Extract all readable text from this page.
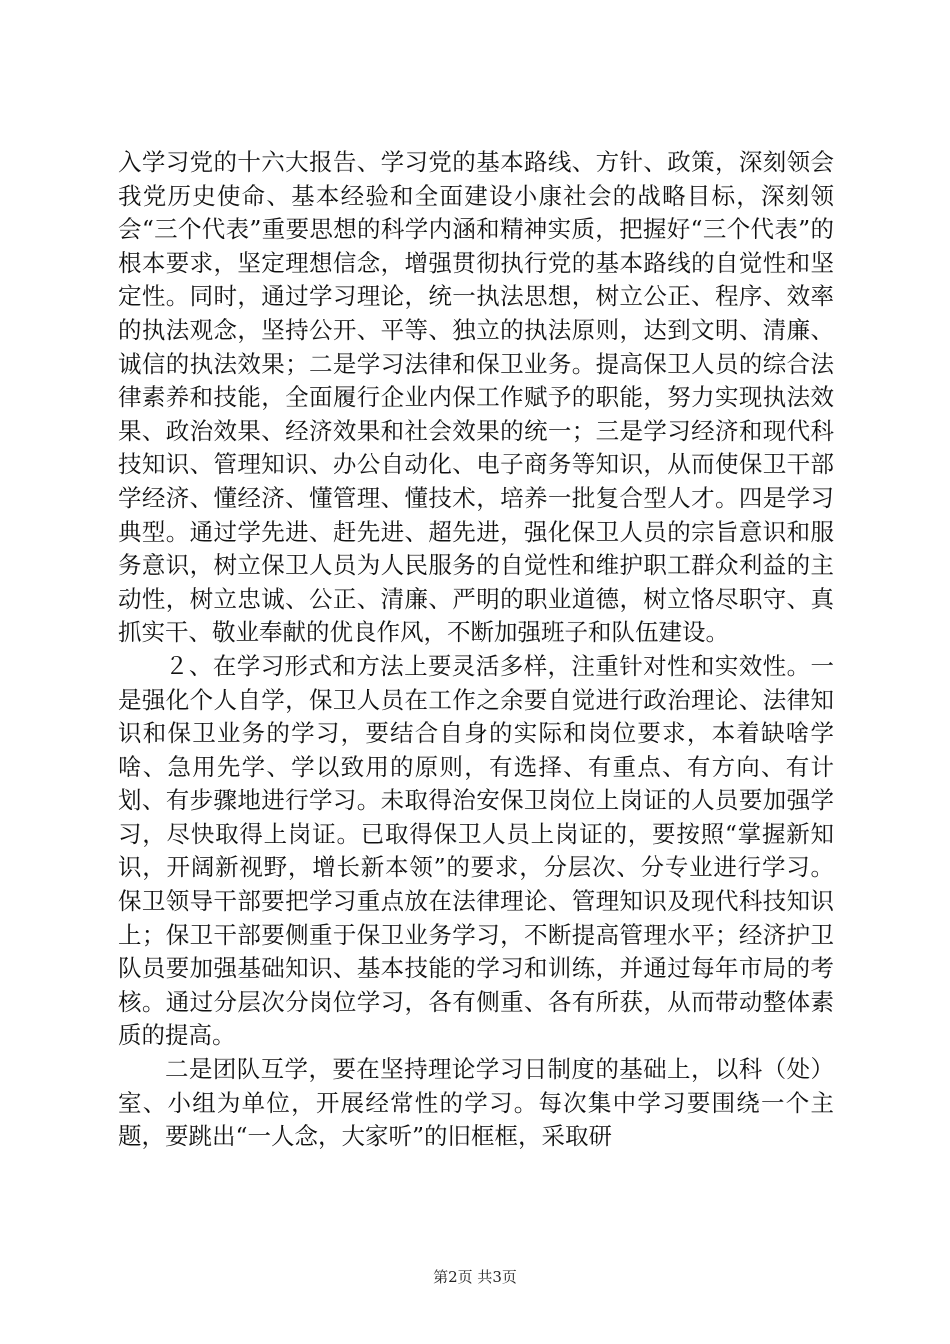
入学习党的十六大报告、学习党的基本路线、方针、政策，深刻领会我党历史使命、基本经验和全面建设小康社会的战略目标，深刻领会“三个代表”重要思想的科学内涵和精神实质，把握好“三个代表”的根本要求，坚定理想信念，增强贯彻执行党的基本路线的自觉性和坚定性。同时，通过学习理论，统一执法思想，树立公正、程序、效率的执法观念，坚持公开、平等、独立的执法原则，达到文明、清廉、诚信的执法效果；二是学习法律和保卫业务。提高保卫人员的综合法律素养和技能，全面履行企业内保工作赋予的职能，努力实现执法效果、政治效果、经济效果和社会效果的统一；三是学习经济和现代科技知识、管理知识、办公自动化、电子商务等知识，从而使保卫干部学经济、懂经济、懂管理、懂技术，培养一批复合型人才。四是学习典型。通过学先进、赶先进、超先进，强化保卫人员的宗旨意识和服务意识，树立保卫人员为人民服务的自觉性和维护职工群众利益的主动性，树立忠诚、公正、清廉、严明的职业道德，树立恪尽职守、真抓实干、敬业奉献的优良作风，不断加强班子和队伍建设。

２、在学习形式和方法上要灵活多样，注重针对性和实效性。一是强化个人自学，保卫人员在工作之余要自觉进行政治理论、法律知识和保卫业务的学习，要结合自身的实际和岗位要求，本着缺啥学啥、急用先学、学以致用的原则，有选择、有重点、有方向、有计划、有步骤地进行学习。未取得治安保卫岗位上岗证的人员要加强学习，尽快取得上岗证。已取得保卫人员上岗证的，要按照“掌握新知识，开阔新视野，增长新本领”的要求，分层次、分专业进行学习。保卫领导干部要把学习重点放在法律理论、管理知识及现代科技知识上；保卫干部要侧重于保卫业务学习，不断提高管理水平；经济护卫队员要加强基础知识、基本技能的学习和训练，并通过每年市局的考核。通过分层次分岗位学习，各有侧重、各有所获，从而带动整体素质的提高。

二是团队互学，要在坚持理论学习日制度的基础上，以科（处）室、小组为单位，开展经常性的学习。每次集中学习要围绕一个主题，要跳出“一人念，大家听”的旧框框，采取研

第2页 共3页
